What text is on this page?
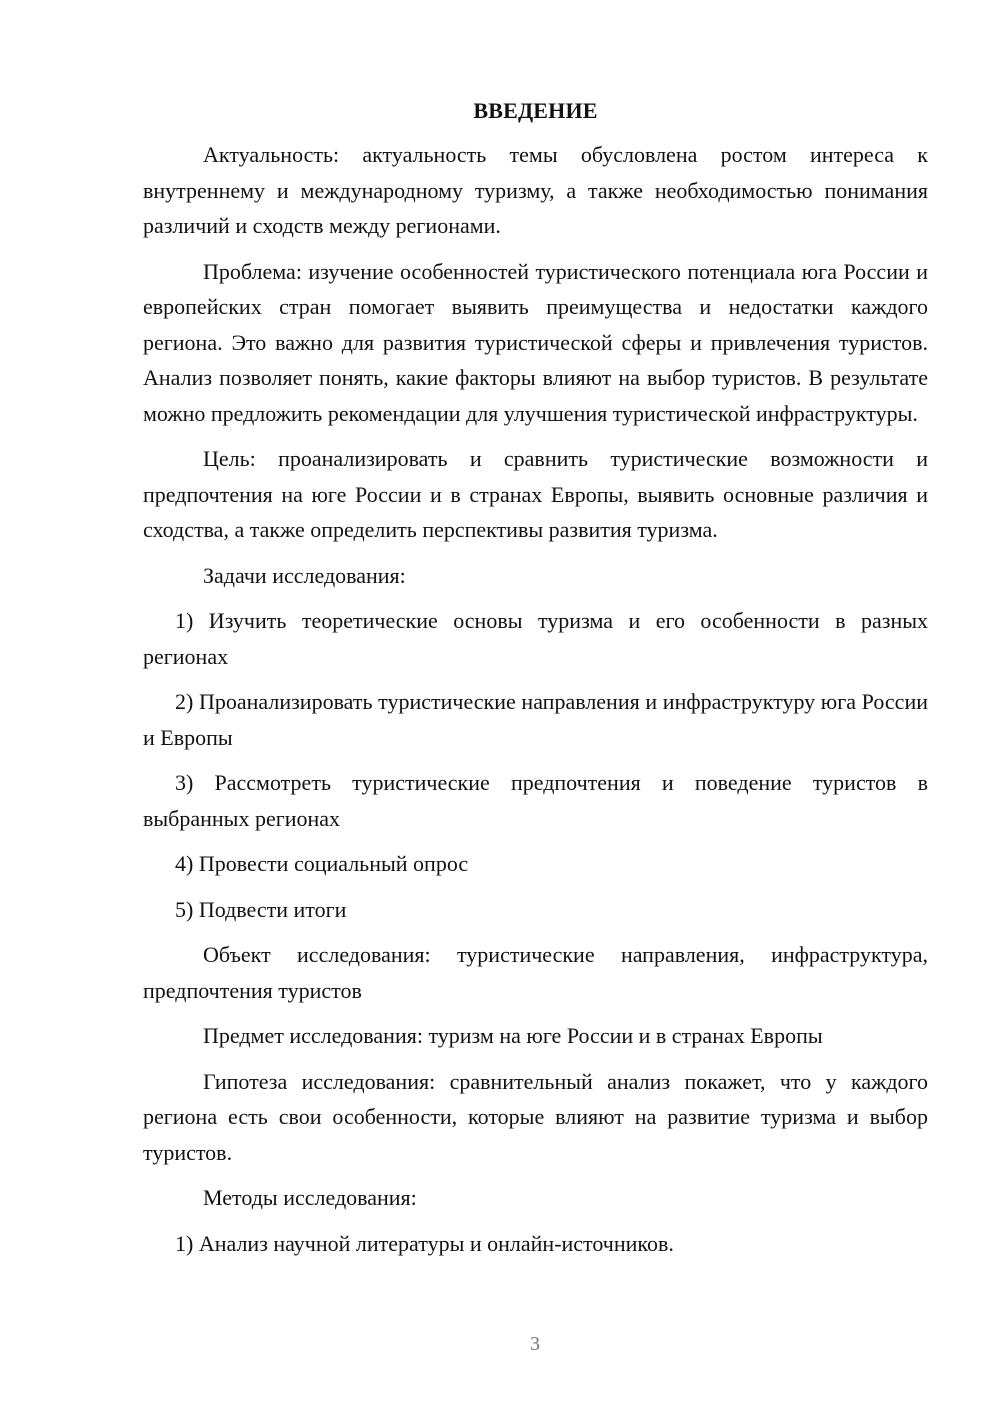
ВВЕДЕНИЕ

Актуальность: актуальность темы обусловлена ростом интереса к внутреннему и международному туризму, а также необходимостью понимания различий и сходств между регионами.

Проблема: изучение особенностей туристического потенциала юга России и европейских стран помогает выявить преимущества и недостатки каждого региона. Это важно для развития туристической сферы и привлечения туристов. Анализ позволяет понять, какие факторы влияют на выбор туристов. В результате можно предложить рекомендации для улучшения туристической инфраструктуры.

Цель: проанализировать и сравнить туристические возможности и предпочтения на юге России и в странах Европы, выявить основные различия и сходства, а также определить перспективы развития туризма.

Задачи исследования:

1) Изучить теоретические основы туризма и его особенности в разных регионах

2) Проанализировать туристические направления и инфраструктуру юга России и Европы

3) Рассмотреть туристические предпочтения и поведение туристов в выбранных регионах

4) Провести социальный опрос

5) Подвести итоги

Объект исследования: туристические направления, инфраструктура, предпочтения туристов

Предмет исследования: туризм на юге России и в странах Европы

Гипотеза исследования: сравнительный анализ покажет, что у каждого региона есть свои особенности, которые влияют на развитие туризма и выбор туристов.

Методы исследования:

1) Анализ научной литературы и онлайн-источников.

3
